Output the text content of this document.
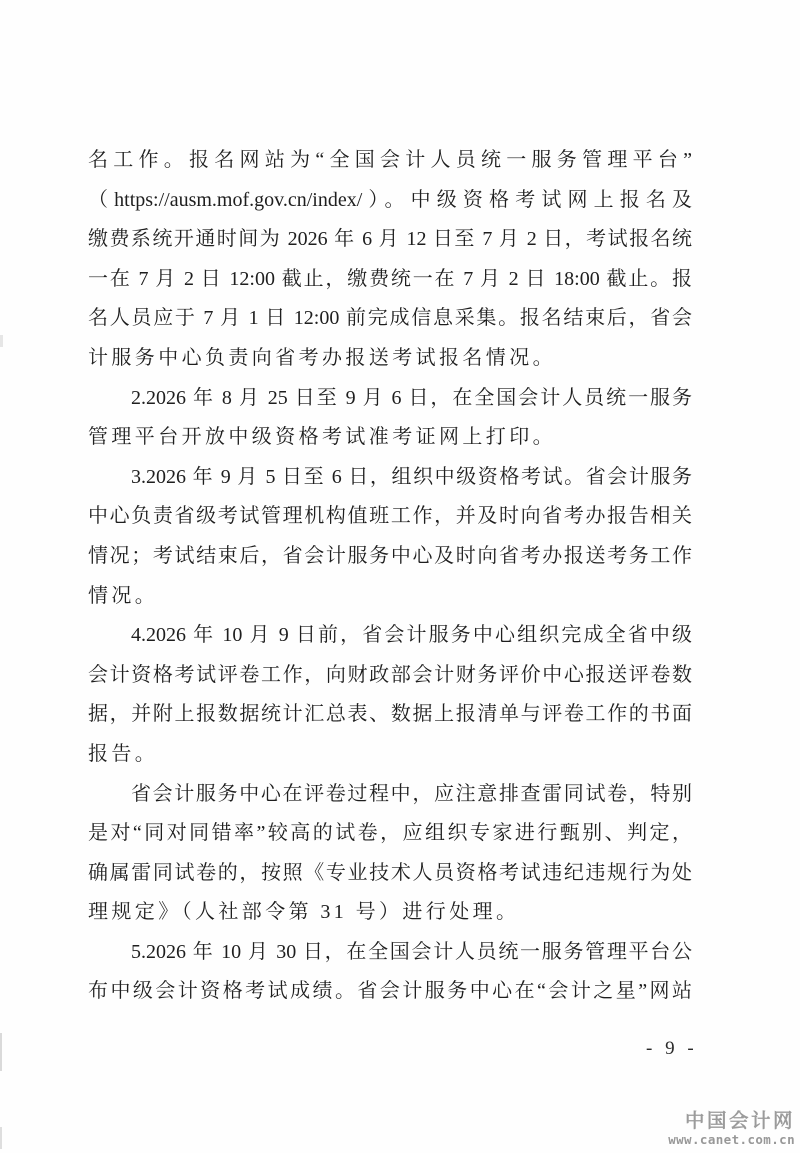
名工作。报名网站为“全国会计人员统一服务管理平台”
（https://ausm.mof.gov.cn/index/）。中级资格考试网上报名及
缴费系统开通时间为 2026 年 6 月 12 日至 7 月 2 日，考试报名统
一在 7 月 2 日 12:00 截止，缴费统一在 7 月 2 日 18:00 截止。报
名人员应于 7 月 1 日 12:00 前完成信息采集。报名结束后，省会
计服务中心负责向省考办报送考试报名情况。
2.2026 年 8 月 25 日至 9 月 6 日，在全国会计人员统一服务
管理平台开放中级资格考试准考证网上打印。
3.2026 年 9 月 5 日至 6 日，组织中级资格考试。省会计服务
中心负责省级考试管理机构值班工作，并及时向省考办报告相关
情况；考试结束后，省会计服务中心及时向省考办报送考务工作
情况。
4.2026 年 10 月 9 日前，省会计服务中心组织完成全省中级
会计资格考试评卷工作，向财政部会计财务评价中心报送评卷数
据，并附上报数据统计汇总表、数据上报清单与评卷工作的书面
报告。
省会计服务中心在评卷过程中，应注意排查雷同试卷，特别
是对“同对同错率”较高的试卷，应组织专家进行甄别、判定，
确属雷同试卷的，按照《专业技术人员资格考试违纪违规行为处
理规定》（人社部令第 31 号）进行处理。
5.2026 年 10 月 30 日，在全国会计人员统一服务管理平台公
布中级会计资格考试成绩。省会计服务中心在“会计之星”网站
- 9 -
中国会计网
www.canet.com.cn
